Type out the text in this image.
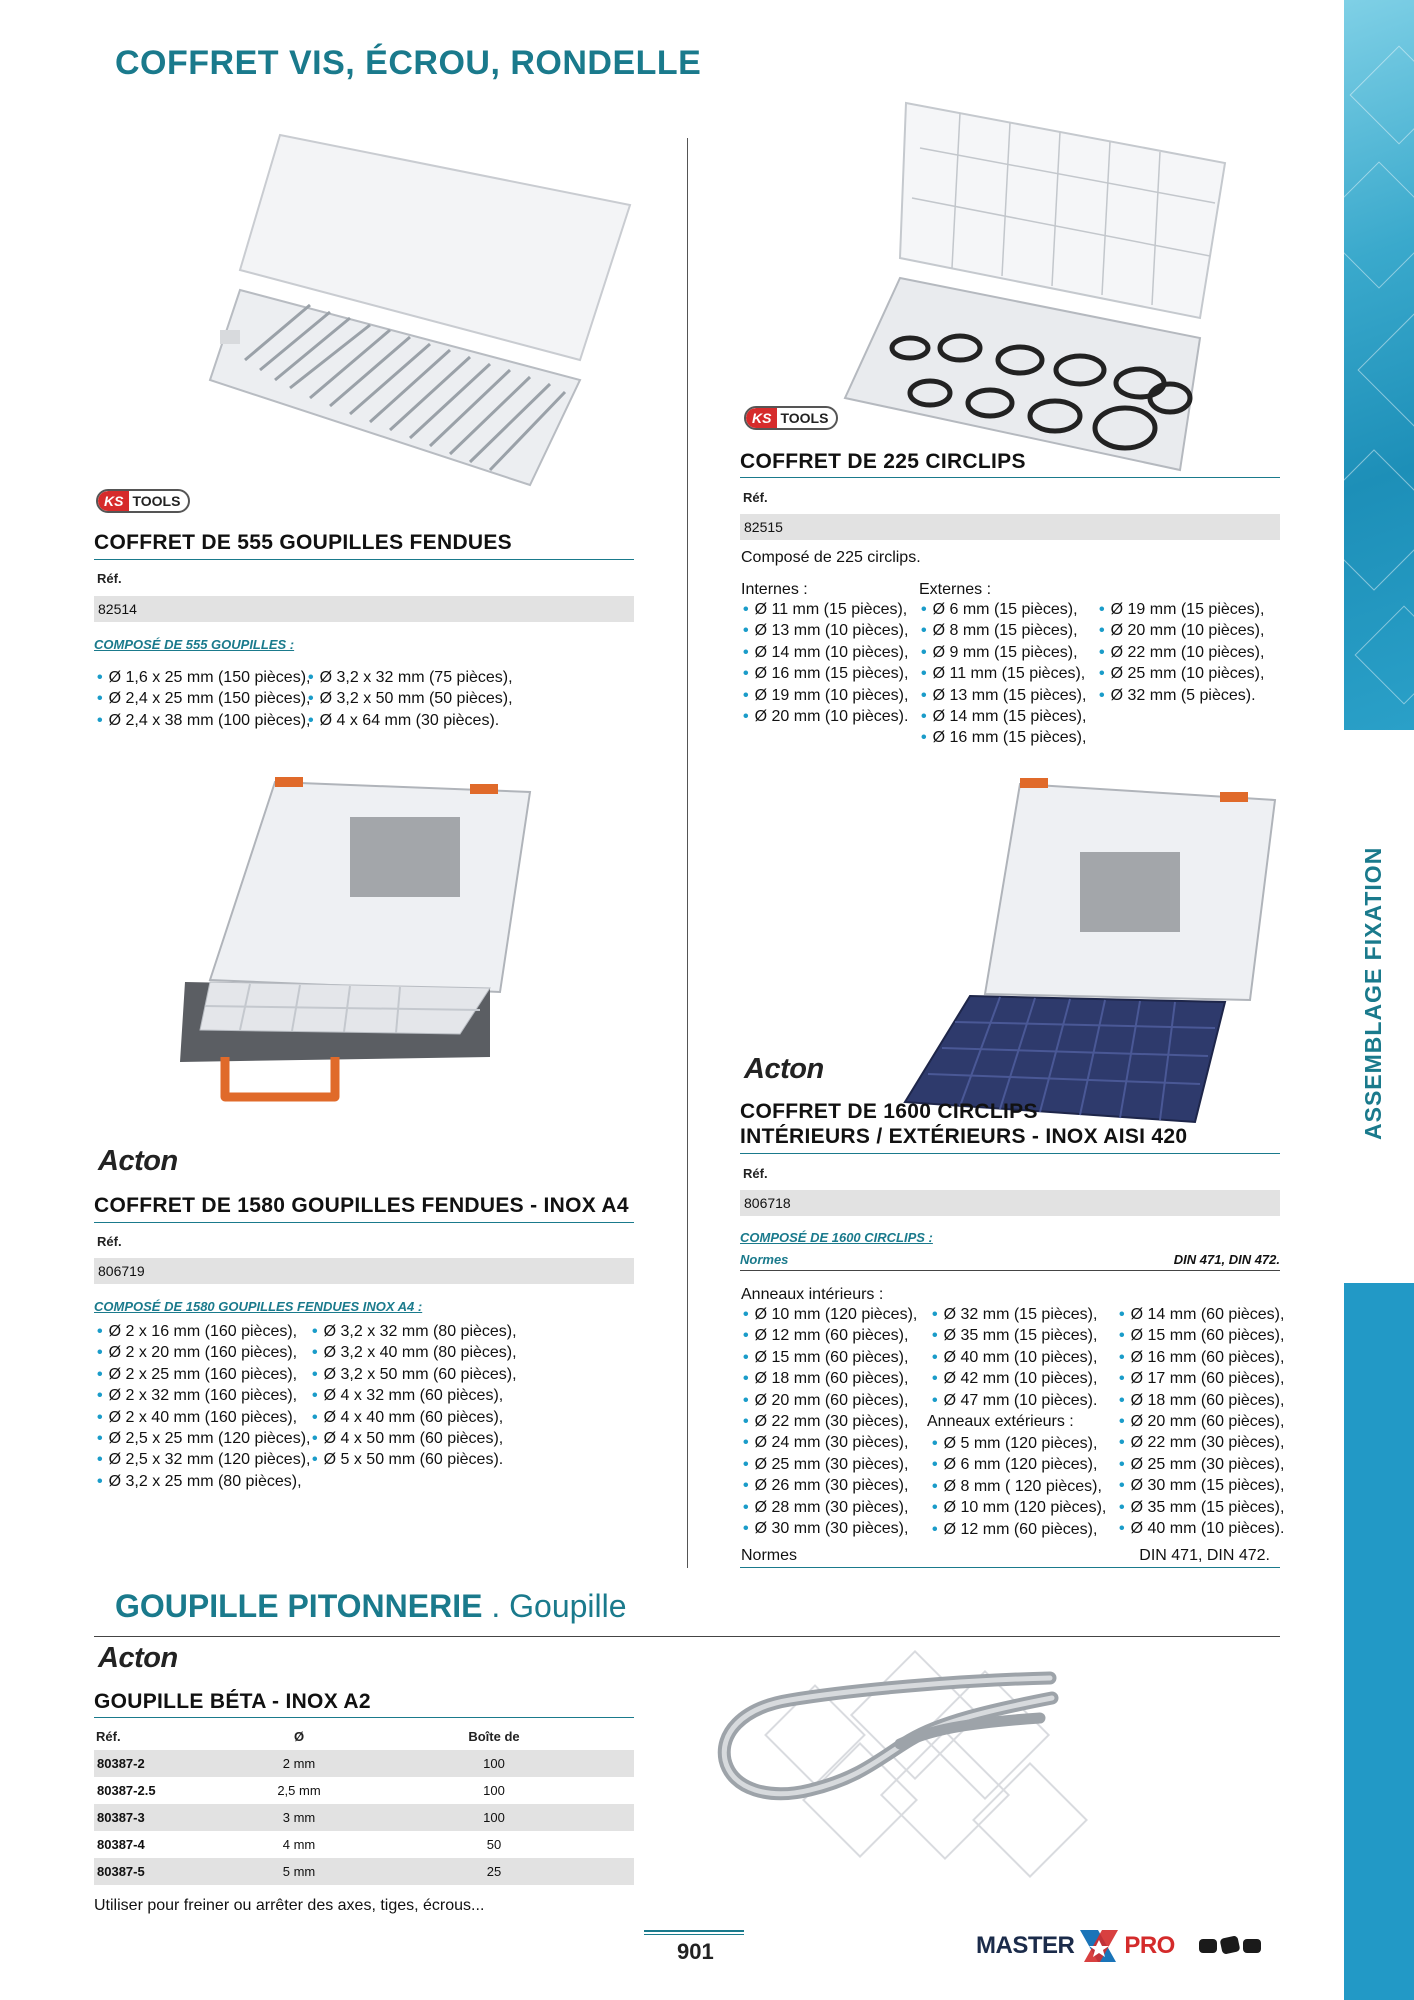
COFFRET VIS, ÉCROU, RONDELLE
ASSEMBLAGE FIXATION
KS TOOLS
COFFRET DE 555 GOUPILLES FENDUES
Réf.
82514
COMPOSÉ DE 555 GOUPILLES :
• Ø 1,6 x 25 mm (150 pièces),
• Ø 2,4 x 25 mm (150 pièces),
• Ø 2,4 x 38 mm (100 pièces),
• Ø 3,2 x 32 mm (75 pièces),
• Ø 3,2 x 50 mm (50 pièces),
• Ø 4 x 64 mm (30 pièces).
KS TOOLS
COFFRET DE 225 CIRCLIPS
Réf.
82515
Composé de 225 circlips.
Internes :
• Ø 11 mm (15 pièces),
• Ø 13 mm (10 pièces),
• Ø 14 mm (10 pièces),
• Ø 16 mm (15 pièces),
• Ø 19 mm (10 pièces),
• Ø 20 mm (10 pièces).
Externes :
• Ø 6 mm (15 pièces),
• Ø 8 mm (15 pièces),
• Ø 9 mm (15 pièces),
• Ø 11 mm (15 pièces),
• Ø 13 mm (15 pièces),
• Ø 14 mm (15 pièces),
• Ø 16 mm (15 pièces),
• Ø 19 mm (15 pièces),
• Ø 20 mm (10 pièces),
• Ø 22 mm (10 pièces),
• Ø 25 mm (10 pièces),
• Ø 32 mm (5 pièces).
Acton
COFFRET DE 1580 GOUPILLES FENDUES - INOX A4
Réf.
806719
COMPOSÉ DE 1580 GOUPILLES FENDUES INOX A4 :
• Ø 2 x 16 mm (160 pièces),
• Ø 2 x 20 mm (160 pièces),
• Ø 2 x 25 mm (160 pièces),
• Ø 2 x 32 mm (160 pièces),
• Ø 2 x 40 mm (160 pièces),
• Ø 2,5 x 25 mm (120 pièces),
• Ø 2,5 x 32 mm (120 pièces),
• Ø 3,2 x 25 mm (80 pièces),
• Ø 3,2 x 32 mm (80 pièces),
• Ø 3,2 x 40 mm (80 pièces),
• Ø 3,2 x 50 mm (60 pièces),
• Ø 4 x 32 mm (60 pièces),
• Ø 4 x 40 mm (60 pièces),
• Ø 4 x 50 mm (60 pièces),
• Ø 5 x 50 mm (60 pièces).
Acton
COFFRET DE 1600 CIRCLIPS
INTÉRIEURS / EXTÉRIEURS - INOX AISI 420
Réf.
806718
COMPOSÉ DE 1600 CIRCLIPS :
Normes	DIN 471, DIN 472.
Anneaux intérieurs :
• Ø 10 mm (120 pièces),
• Ø 12 mm (60 pièces),
• Ø 15 mm (60 pièces),
• Ø 18 mm (60 pièces),
• Ø 20 mm (60 pièces),
• Ø 22 mm (30 pièces),
• Ø 24 mm (30 pièces),
• Ø 25 mm (30 pièces),
• Ø 26 mm (30 pièces),
• Ø 28 mm (30 pièces),
• Ø 30 mm (30 pièces),
• Ø 32 mm (15 pièces),
• Ø 35 mm (15 pièces),
• Ø 40 mm (10 pièces),
• Ø 42 mm (10 pièces),
• Ø 47 mm (10 pièces).
Anneaux extérieurs :
• Ø 5 mm (120 pièces),
• Ø 6 mm (120 pièces),
• Ø 8 mm ( 120 pièces),
• Ø 10 mm (120 pièces),
• Ø 12 mm (60 pièces),
• Ø 14 mm (60 pièces),
• Ø 15 mm (60 pièces),
• Ø 16 mm (60 pièces),
• Ø 17 mm (60 pièces),
• Ø 18 mm (60 pièces),
• Ø 20 mm (60 pièces),
• Ø 22 mm (30 pièces),
• Ø 25 mm (30 pièces),
• Ø 30 mm (15 pièces),
• Ø 35 mm (15 pièces),
• Ø 40 mm (10 pièces).
Normes	DIN 471, DIN 472.
GOUPILLE PITONNERIE . Goupille
Acton
GOUPILLE BÉTA - INOX A2
Réf.	Ø	Boîte de
80387-2	2 mm	100
80387-2.5	2,5 mm	100
80387-3	3 mm	100
80387-4	4 mm	50
80387-5	5 mm	25
Utiliser pour freiner ou arrêter des axes, tiges, écrous...
901	MASTER PRO
